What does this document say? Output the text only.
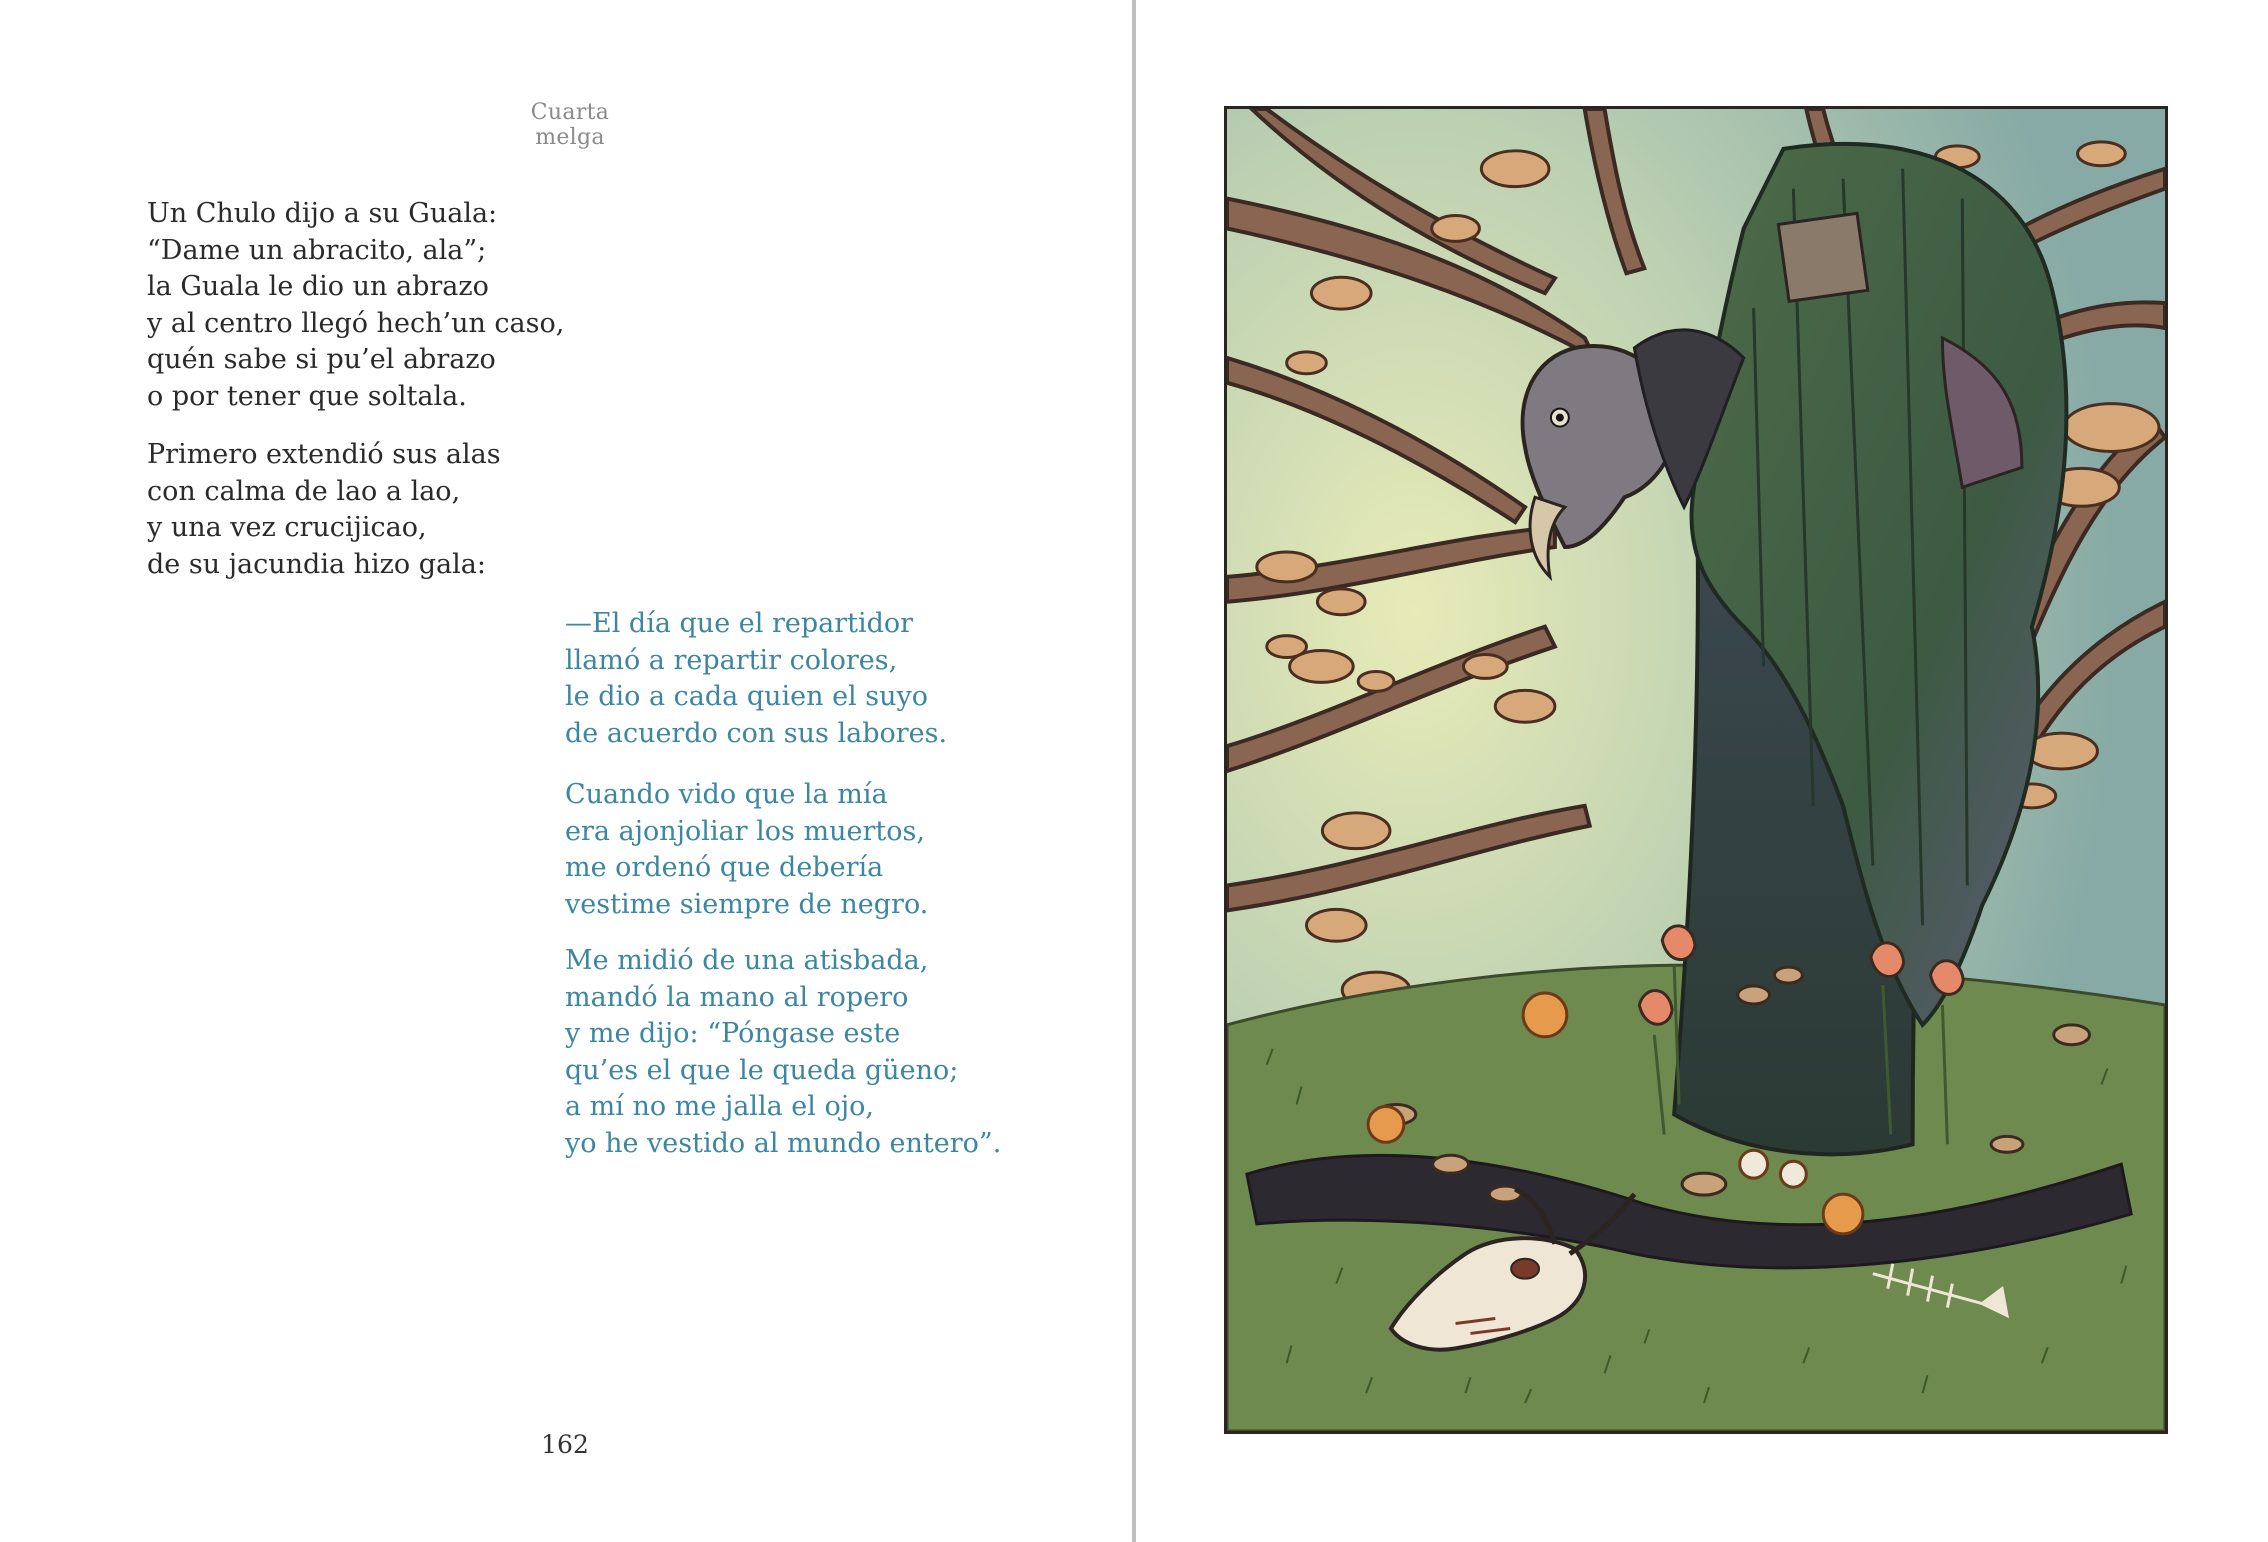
Cuarta melga

Un Chulo dijo a su Guala:

“Dame un abracito, ala”;

la Guala le dio un abrazo

y al centro llegó hech’un caso,

quén sabe si pu’el abrazo

o por tener que soltala.

Primero extendió sus alas

con calma de lao a lao,

y una vez crucijicao,

de su jacundia hizo gala:

—El día que el repartidor

llamó a repartir colores,

le dio a cada quien el suyo

de acuerdo con sus labores.

Cuando vido que la mía

era ajonjoliar los muertos,

me ordenó que debería

vestime siempre de negro.

Me midió de una atisbada,

mandó la mano al ropero

y me dijo: “Póngase este

qu’es el que le queda güeno;

a mí no me jalla el ojo,

yo he vestido al mundo entero”.

162
